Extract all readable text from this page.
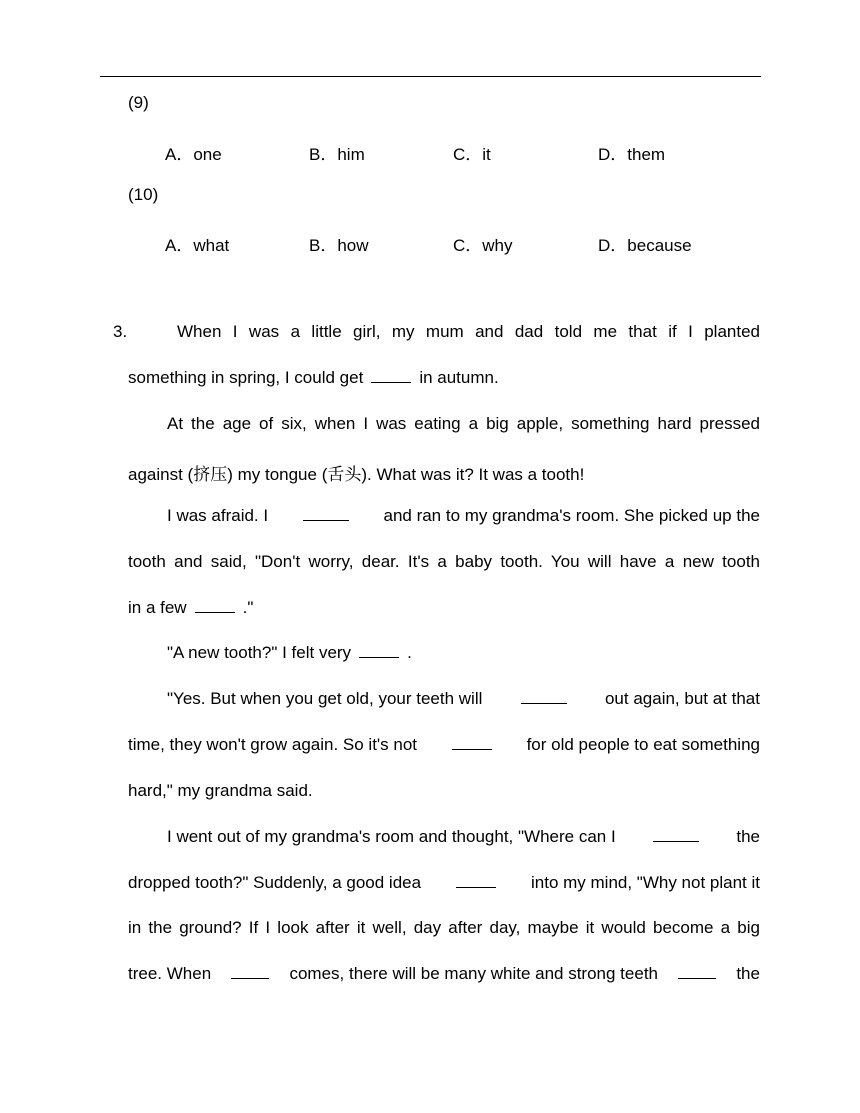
(9)
A．one	B．him	C．it	D．them
(10)
A．what	B．how	C．why	D．because
3.	When I was a little girl, my mum and dad told me that if I planted
something in spring, I could get	in autumn.
At the age of six, when I was eating a big apple, something hard pressed
against (挤压) my tongue (舌头). What was it? It was a tooth!
I was afraid. I	and ran to my grandma's room. She picked up the
tooth and said, "Don't worry, dear. It's a baby tooth. You will have a new tooth
in a few	."
"A new tooth?" I felt very	.
"Yes. But when you get old, your teeth will	out again, but at that
time, they won't grow again. So it's not	for old people to eat something
hard," my grandma said.
I went out of my grandma's room and thought, "Where can I	the
dropped tooth?" Suddenly, a good idea	into my mind, "Why not plant it
in the ground? If I look after it well, day after day, maybe it would become a big
tree. When	comes, there will be many white and strong teeth	the
